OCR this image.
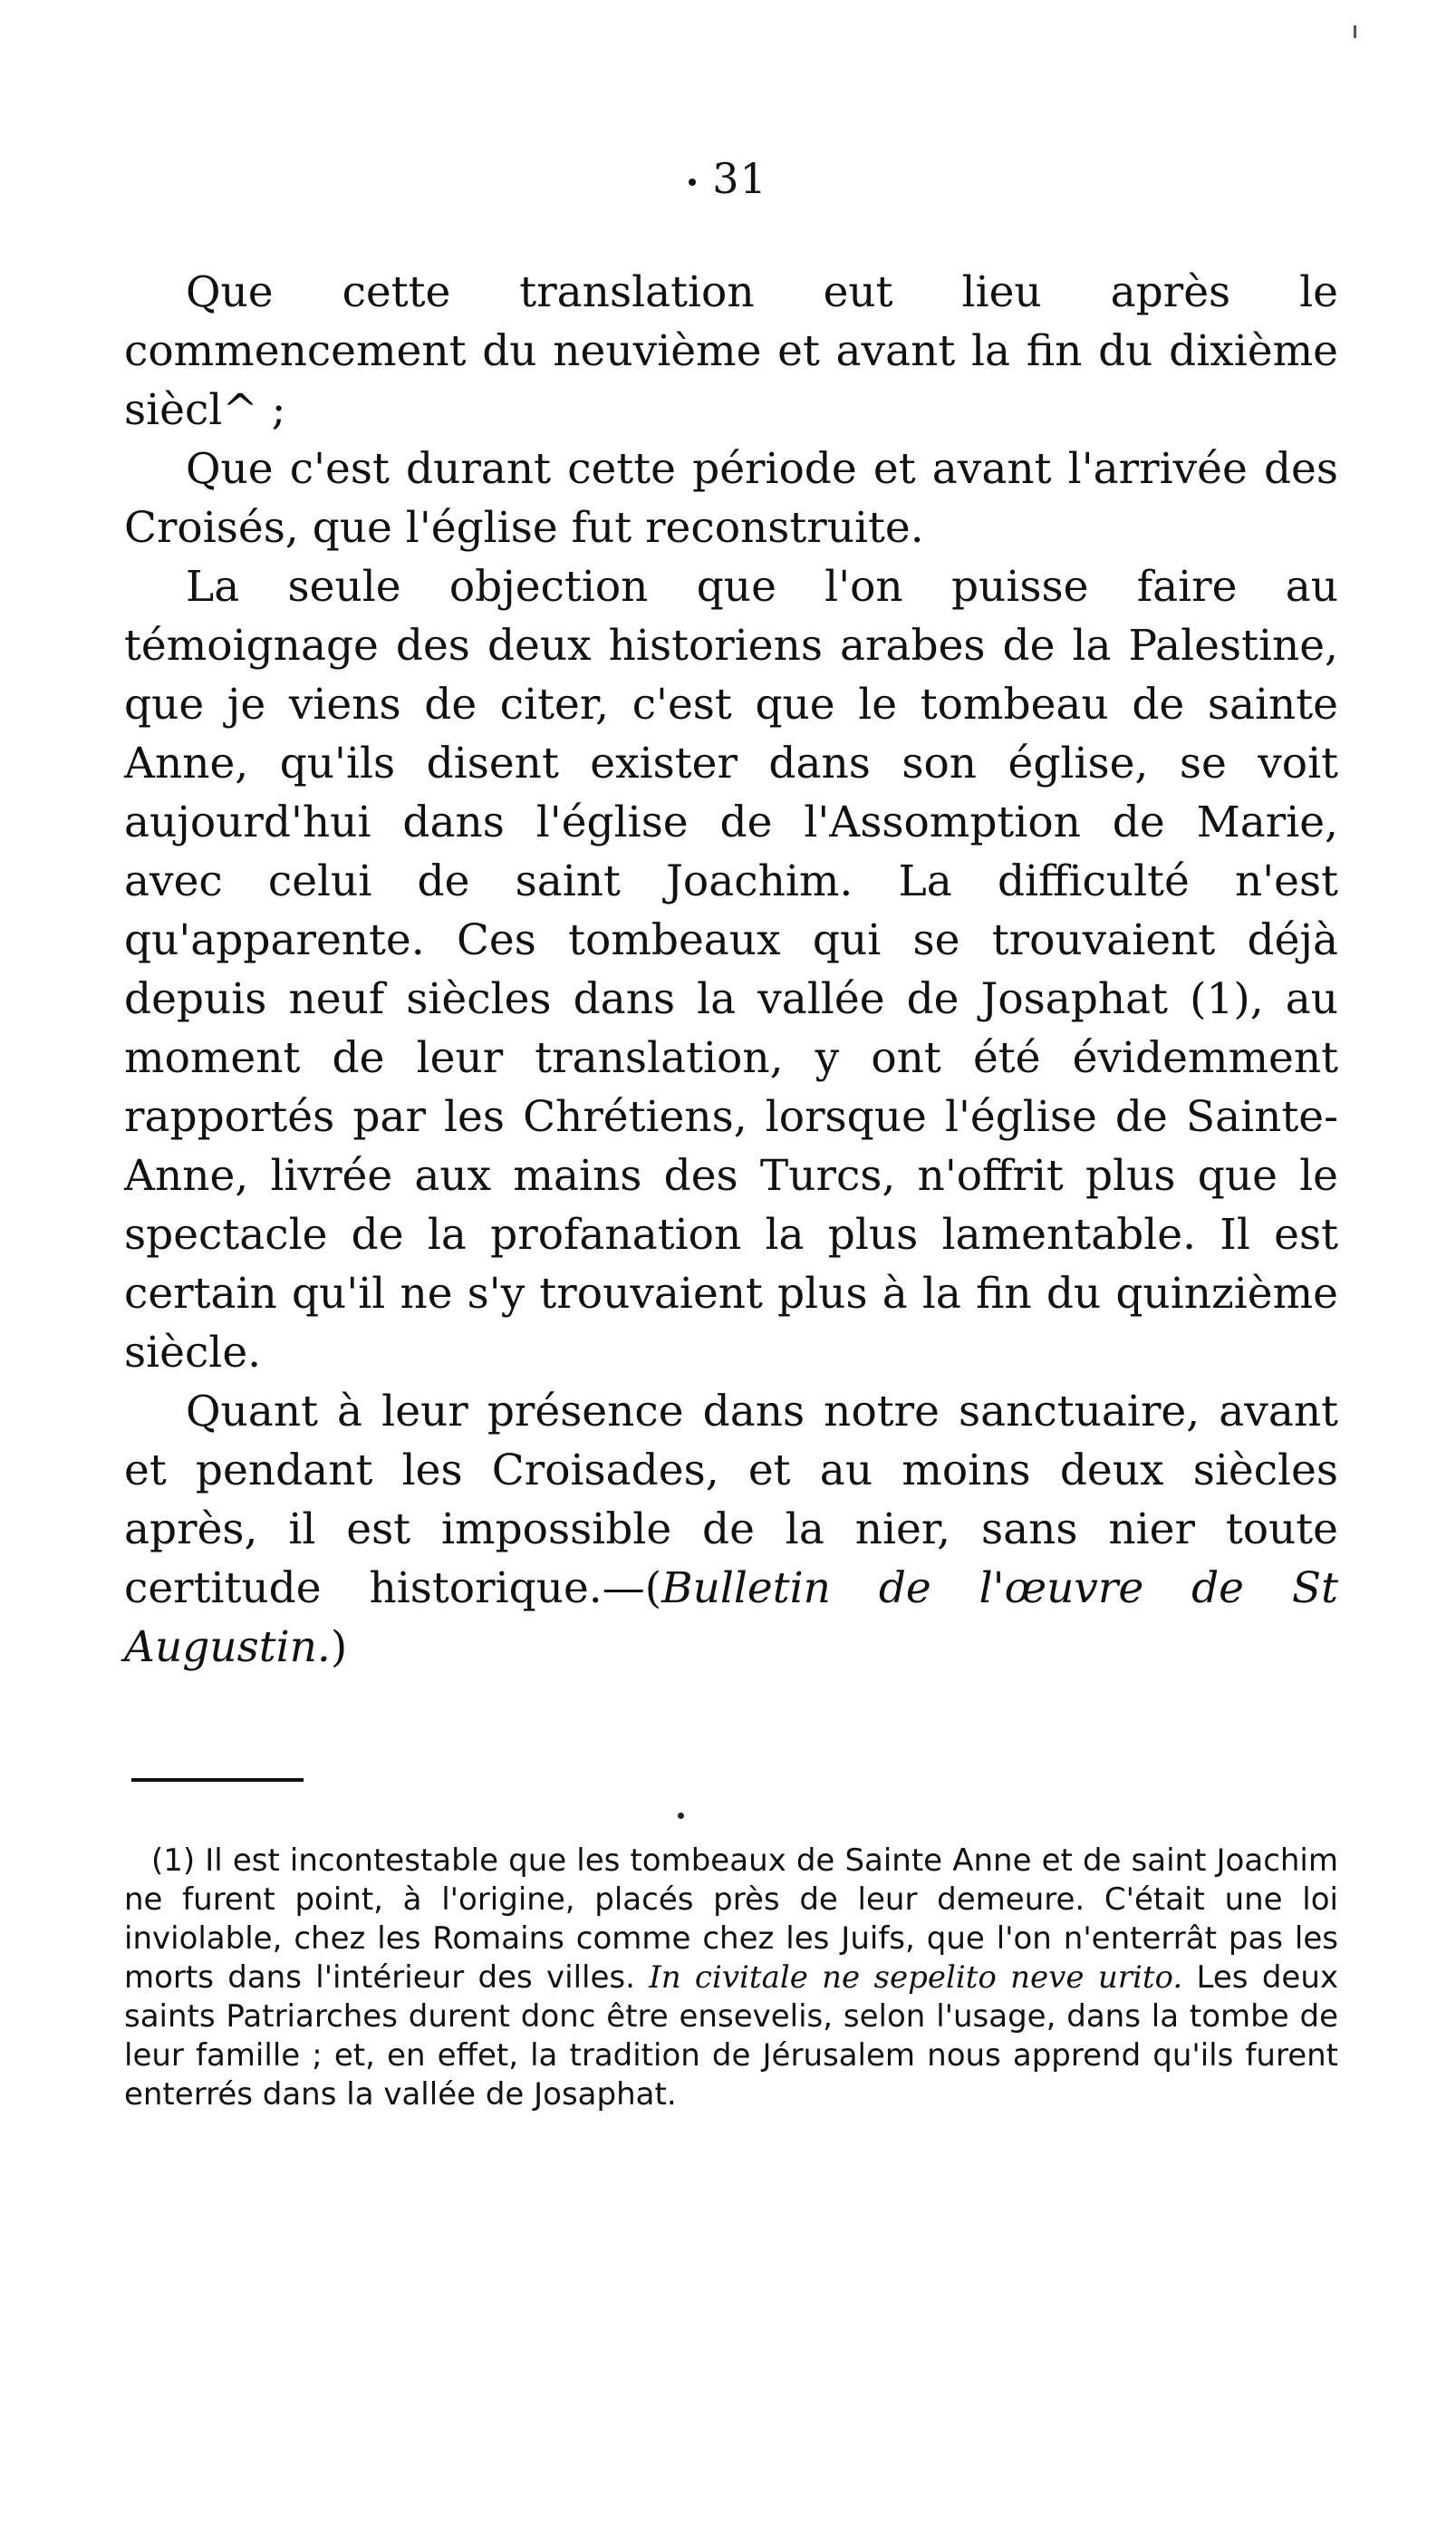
31

Que cette translation eut lieu après le commencement du neuvième et avant la fin du dixième siècl^ ;

Que c'est durant cette période et avant l'arrivée des Croisés, que l'église fut reconstruite.

La seule objection que l'on puisse faire au témoignage des deux historiens arabes de la Palestine, que je viens de citer, c'est que le tombeau de sainte Anne, qu'ils disent exister dans son église, se voit aujourd'hui dans l'église de l'Assomption de Marie, avec celui de saint Joachim. La difficulté n'est qu'apparente. Ces tombeaux qui se trouvaient déjà depuis neuf siècles dans la vallée de Josaphat (1), au moment de leur translation, y ont été évidemment rapportés par les Chrétiens, lorsque l'église de Sainte-Anne, livrée aux mains des Turcs, n'offrit plus que le spectacle de la profanation la plus lamentable. Il est certain qu'il ne s'y trouvaient plus à la fin du quinzième siècle.

Quant à leur présence dans notre sanctuaire, avant et pendant les Croisades, et au moins deux siècles après, il est impossible de la nier, sans nier toute certitude historique.—(Bulletin de l'œuvre de St Augustin.)

(1) Il est incontestable que les tombeaux de Sainte Anne et de saint Joachim ne furent point, à l'origine, placés près de leur demeure. C'était une loi inviolable, chez les Romains comme chez les Juifs, que l'on n'enterrât pas les morts dans l'intérieur des villes. In civitale ne sepelito neve urito. Les deux saints Patriarches durent donc être ensevelis, selon l'usage, dans la tombe de leur famille ; et, en effet, la tradition de Jérusalem nous apprend qu'ils furent enterrés dans la vallée de Josaphat.
